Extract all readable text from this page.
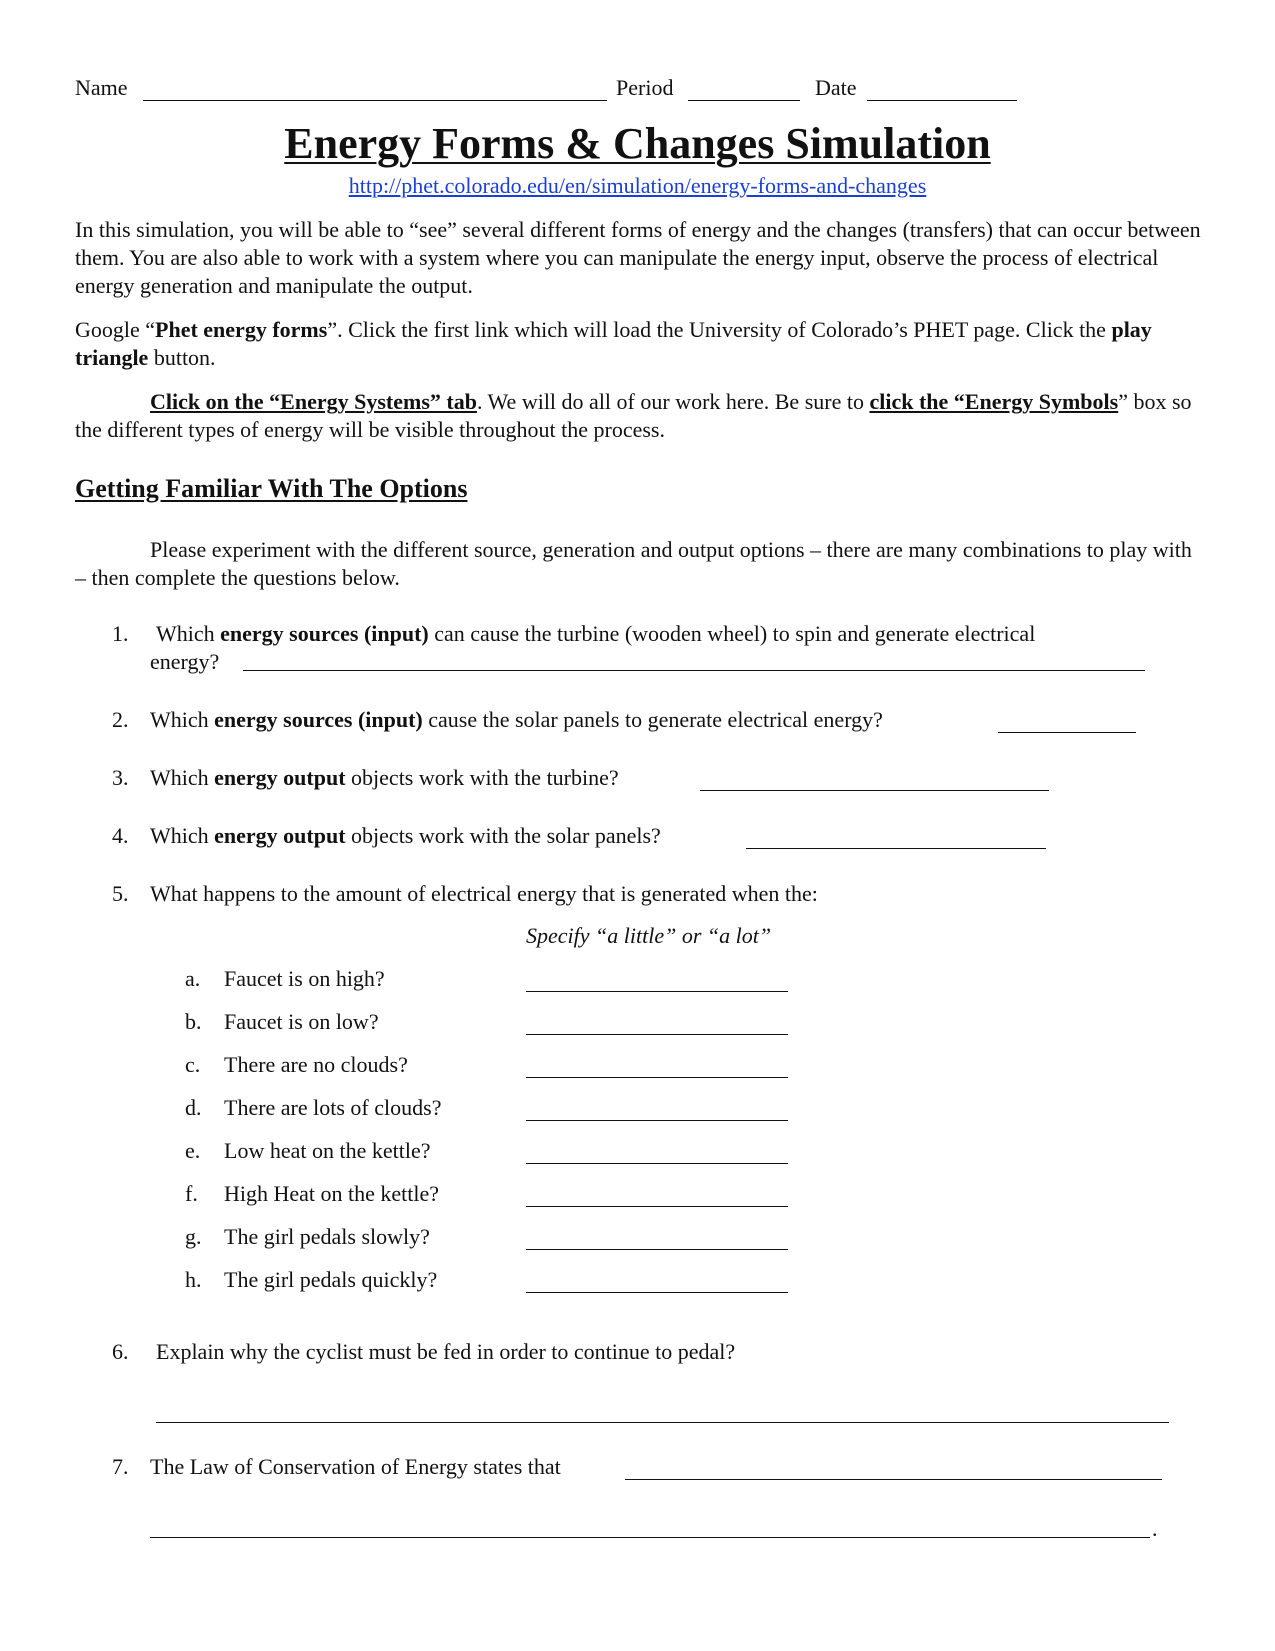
Name	Period	Date
Energy Forms & Changes Simulation
http://phet.colorado.edu/en/simulation/energy-forms-and-changes
In this simulation, you will be able to “see” several different forms of energy and the changes (transfers) that can occur between them. You are also able to work with a system where you can manipulate the energy input, observe the process of electrical energy generation and manipulate the output.
Google “Phet energy forms”. Click the first link which will load the University of Colorado’s PHET page. Click the play triangle button.
Click on the “Energy Systems” tab. We will do all of our work here. Be sure to click the “Energy Symbols” box so the different types of energy will be visible throughout the process.
Getting Familiar With The Options
Please experiment with the different source, generation and output options – there are many combinations to play with – then complete the questions below.
1. Which energy sources (input) can cause the turbine (wooden wheel) to spin and generate electrical
energy?
2. Which energy sources (input) cause the solar panels to generate electrical energy?
3. Which energy output objects work with the turbine?
4. Which energy output objects work with the solar panels?
5. What happens to the amount of electrical energy that is generated when the:
Specify “a little” or “a lot”
a. Faucet is on high?
b. Faucet is on low?
c. There are no clouds?
d. There are lots of clouds?
e. Low heat on the kettle?
f. High Heat on the kettle?
g. The girl pedals slowly?
h. The girl pedals quickly?
6. Explain why the cyclist must be fed in order to continue to pedal?
7. The Law of Conservation of Energy states that
.
